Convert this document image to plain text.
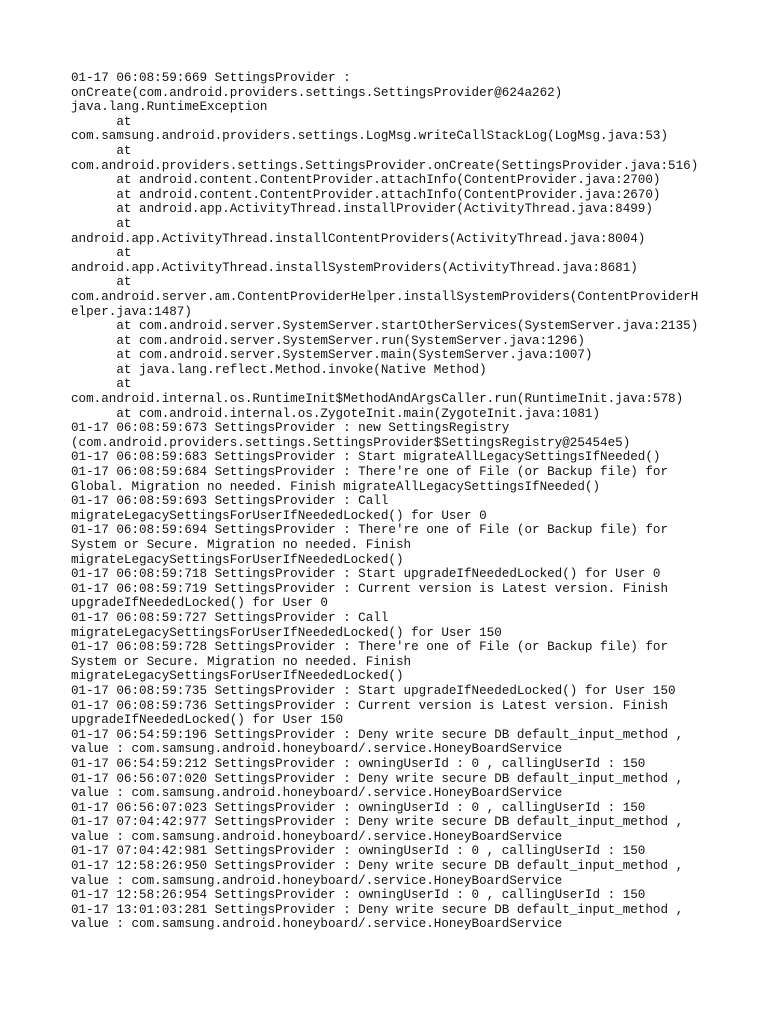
01-17 06:08:59:669 SettingsProvider :
onCreate(com.android.providers.settings.SettingsProvider@624a262)
java.lang.RuntimeException
at
com.samsung.android.providers.settings.LogMsg.writeCallStackLog(LogMsg.java:53)
at
com.android.providers.settings.SettingsProvider.onCreate(SettingsProvider.java:516)
at android.content.ContentProvider.attachInfo(ContentProvider.java:2700)
at android.content.ContentProvider.attachInfo(ContentProvider.java:2670)
at android.app.ActivityThread.installProvider(ActivityThread.java:8499)
at
android.app.ActivityThread.installContentProviders(ActivityThread.java:8004)
at
android.app.ActivityThread.installSystemProviders(ActivityThread.java:8681)
at
com.android.server.am.ContentProviderHelper.installSystemProviders(ContentProviderH
elper.java:1487)
at com.android.server.SystemServer.startOtherServices(SystemServer.java:2135)
at com.android.server.SystemServer.run(SystemServer.java:1296)
at com.android.server.SystemServer.main(SystemServer.java:1007)
at java.lang.reflect.Method.invoke(Native Method)
at
com.android.internal.os.RuntimeInit$MethodAndArgsCaller.run(RuntimeInit.java:578)
at com.android.internal.os.ZygoteInit.main(ZygoteInit.java:1081)
01-17 06:08:59:673 SettingsProvider : new SettingsRegistry
(com.android.providers.settings.SettingsProvider$SettingsRegistry@25454e5)
01-17 06:08:59:683 SettingsProvider : Start migrateAllLegacySettingsIfNeeded()
01-17 06:08:59:684 SettingsProvider : There're one of File (or Backup file) for
Global. Migration no needed. Finish migrateAllLegacySettingsIfNeeded()
01-17 06:08:59:693 SettingsProvider : Call
migrateLegacySettingsForUserIfNeededLocked() for User 0
01-17 06:08:59:694 SettingsProvider : There're one of File (or Backup file) for
System or Secure. Migration no needed. Finish
migrateLegacySettingsForUserIfNeededLocked()
01-17 06:08:59:718 SettingsProvider : Start upgradeIfNeededLocked() for User 0
01-17 06:08:59:719 SettingsProvider : Current version is Latest version. Finish
upgradeIfNeededLocked() for User 0
01-17 06:08:59:727 SettingsProvider : Call
migrateLegacySettingsForUserIfNeededLocked() for User 150
01-17 06:08:59:728 SettingsProvider : There're one of File (or Backup file) for
System or Secure. Migration no needed. Finish
migrateLegacySettingsForUserIfNeededLocked()
01-17 06:08:59:735 SettingsProvider : Start upgradeIfNeededLocked() for User 150
01-17 06:08:59:736 SettingsProvider : Current version is Latest version. Finish
upgradeIfNeededLocked() for User 150
01-17 06:54:59:196 SettingsProvider : Deny write secure DB default_input_method ,
value : com.samsung.android.honeyboard/.service.HoneyBoardService
01-17 06:54:59:212 SettingsProvider : owningUserId : 0 , callingUserId : 150
01-17 06:56:07:020 SettingsProvider : Deny write secure DB default_input_method ,
value : com.samsung.android.honeyboard/.service.HoneyBoardService
01-17 06:56:07:023 SettingsProvider : owningUserId : 0 , callingUserId : 150
01-17 07:04:42:977 SettingsProvider : Deny write secure DB default_input_method ,
value : com.samsung.android.honeyboard/.service.HoneyBoardService
01-17 07:04:42:981 SettingsProvider : owningUserId : 0 , callingUserId : 150
01-17 12:58:26:950 SettingsProvider : Deny write secure DB default_input_method ,
value : com.samsung.android.honeyboard/.service.HoneyBoardService
01-17 12:58:26:954 SettingsProvider : owningUserId : 0 , callingUserId : 150
01-17 13:01:03:281 SettingsProvider : Deny write secure DB default_input_method ,
value : com.samsung.android.honeyboard/.service.HoneyBoardService
